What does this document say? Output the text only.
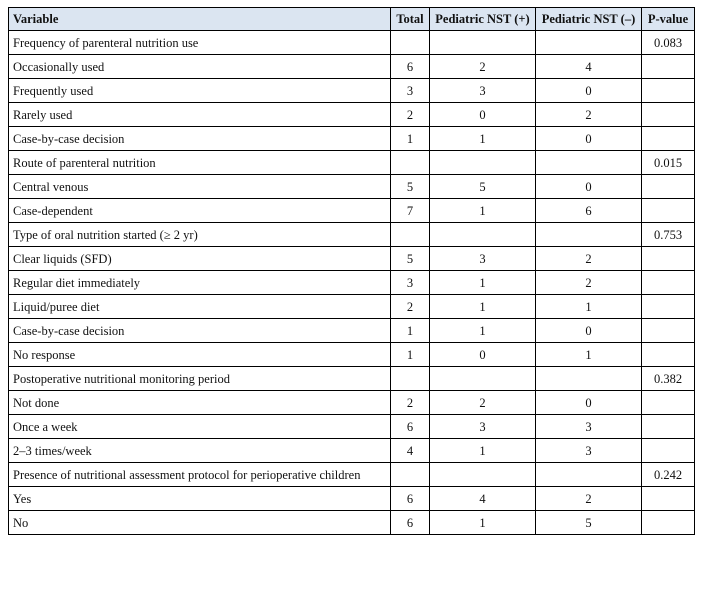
Variable	Total	Pediatric NST (+)	Pediatric NST (–)	P-value
Frequency of parenteral nutrition use				0.083
Occasionally used	6	2	4	
Frequently used	3	3	0	
Rarely used	2	0	2	
Case-by-case decision	1	1	0	
Route of parenteral nutrition				0.015
Central venous	5	5	0	
Case-dependent	7	1	6	
Type of oral nutrition started (≥ 2 yr)				0.753
Clear liquids (SFD)	5	3	2	
Regular diet immediately	3	1	2	
Liquid/puree diet	2	1	1	
Case-by-case decision	1	1	0	
No response	1	0	1	
Postoperative nutritional monitoring period				0.382
Not done	2	2	0	
Once a week	6	3	3	
2–3 times/week	4	1	3	
Presence of nutritional assessment protocol for perioperative children				0.242
Yes	6	4	2	
No	6	1	5	
